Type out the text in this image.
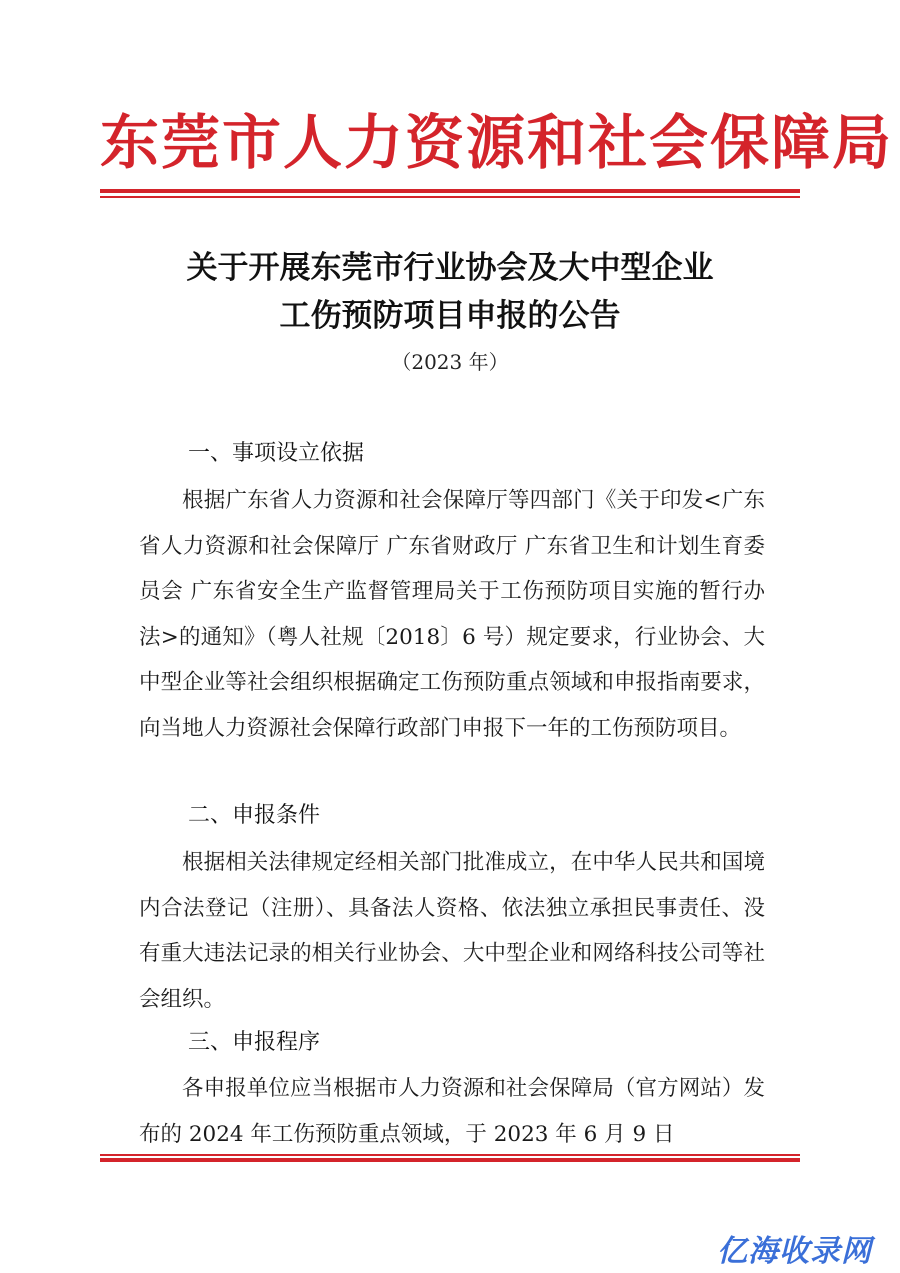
东莞市人力资源和社会保障局
关于开展东莞市行业协会及大中型企业
工伤预防项目申报的公告
（2023 年）
一、事项设立依据

根据广东省人力资源和社会保障厅等四部门《关于印发<广东省人力资源和社会保障厅 广东省财政厅 广东省卫生和计划生育委员会 广东省安全生产监督管理局关于工伤预防项目实施的暂行办法>的通知》（粤人社规〔2018〕6 号）规定要求，行业协会、大中型企业等社会组织根据确定工伤预防重点领域和申报指南要求，向当地人力资源社会保障行政部门申报下一年的工伤预防项目。

二、申报条件

根据相关法律规定经相关部门批准成立，在中华人民共和国境内合法登记（注册）、具备法人资格、依法独立承担民事责任、没有重大违法记录的相关行业协会、大中型企业和网络科技公司等社会组织。

三、申报程序

各申报单位应当根据市人力资源和社会保障局（官方网站）发布的 2024 年工伤预防重点领域，于 2023 年 6 月 9 日

亿海收录网
